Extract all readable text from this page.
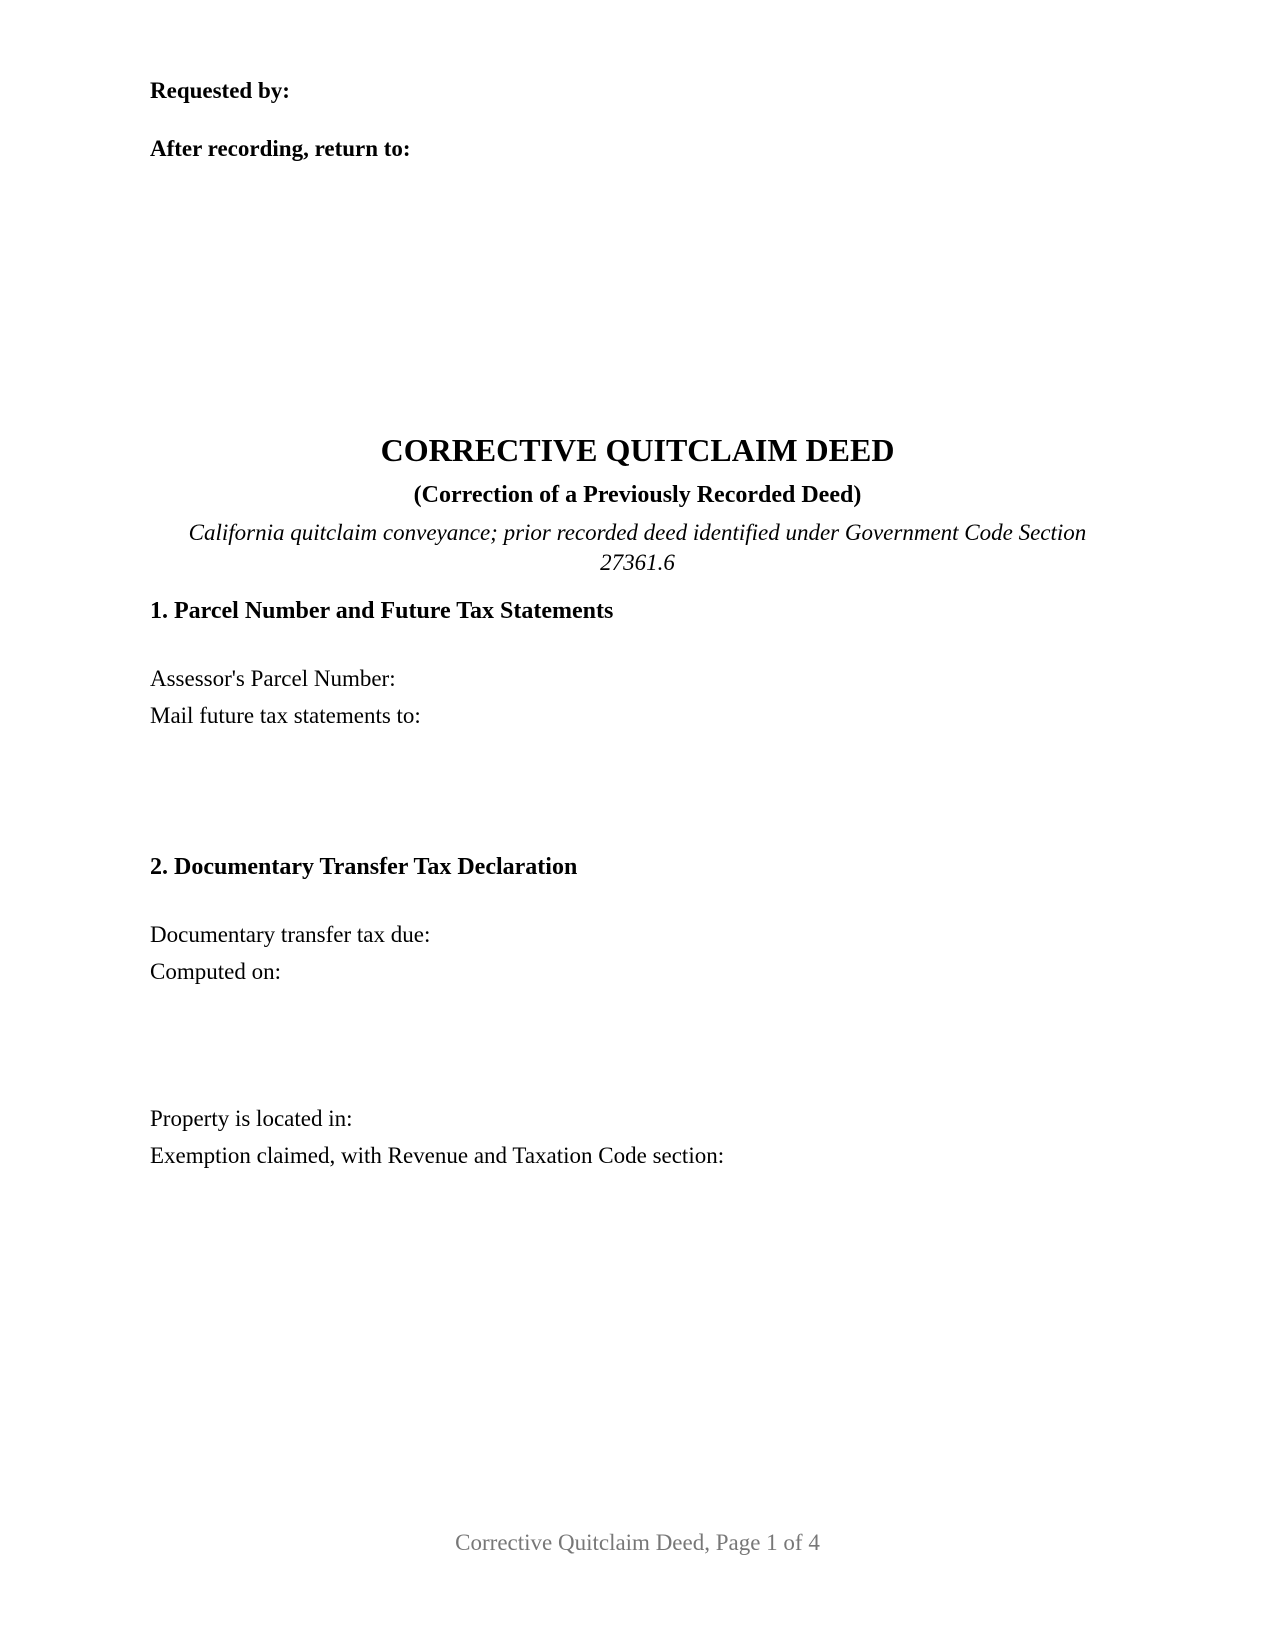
Requested by:
After recording, return to:
CORRECTIVE QUITCLAIM DEED
(Correction of a Previously Recorded Deed)
California quitclaim conveyance; prior recorded deed identified under Government Code Section 27361.6
1. Parcel Number and Future Tax Statements
Assessor's Parcel Number:
Mail future tax statements to:
2. Documentary Transfer Tax Declaration
Documentary transfer tax due:
Computed on:
Property is located in:
Exemption claimed, with Revenue and Taxation Code section:
Corrective Quitclaim Deed, Page 1 of 4
